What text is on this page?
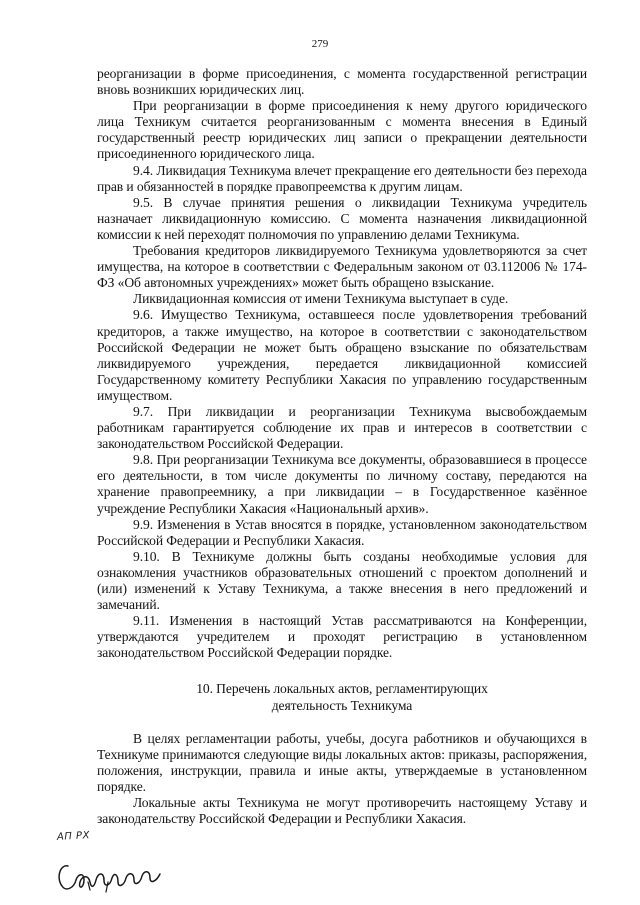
279

реорганизации в форме присоединения, с момента государственной регистрации вновь возникших юридических лиц.

При реорганизации в форме присоединения к нему другого юридического лица Техникум считается реорганизованным с момента внесения в Единый государственный реестр юридических лиц записи о прекращении деятельности присоединенного юридического лица.

9.4. Ликвидация Техникума влечет прекращение его деятельности без перехода прав и обязанностей в порядке правопреемства к другим лицам.

9.5. В случае принятия решения о ликвидации Техникума учредитель назначает ликвидационную комиссию. С момента назначения ликвидационной комиссии к ней переходят полномочия по управлению делами Техникума.

Требования кредиторов ликвидируемого Техникума удовлетворяются за счет имущества, на которое в соответствии с Федеральным законом от 03.112006 № 174-ФЗ «Об автономных учреждениях» может быть обращено взыскание.

Ликвидационная комиссия от имени Техникума выступает в суде.

9.6. Имущество Техникума, оставшееся после удовлетворения требований кредиторов, а также имущество, на которое в соответствии с законодательством Российской Федерации не может быть обращено взыскание по обязательствам ликвидируемого учреждения, передается ликвидационной комиссией Государственному комитету Республики Хакасия по управлению государственным имуществом.

9.7. При ликвидации и реорганизации Техникума высвобождаемым работникам гарантируется соблюдение их прав и интересов в соответствии с законодательством Российской Федерации.

9.8. При реорганизации Техникума все документы, образовавшиеся в процессе его деятельности, в том числе документы по личному составу, передаются на хранение правопреемнику, а при ликвидации – в Государственное казённое учреждение Республики Хакасия «Национальный архив».

9.9. Изменения в Устав вносятся в порядке, установленном законодательством Российской Федерации и Республики Хакасия.

9.10. В Техникуме должны быть созданы необходимые условия для ознакомления участников образовательных отношений с проектом дополнений и (или) изменений к Уставу Техникума, а также внесения в него предложений и замечаний.

9.11. Изменения в настоящий Устав рассматриваются на Конференции, утверждаются учредителем и проходят регистрацию в установленном законодательством Российской Федерации порядке.

10. Перечень локальных актов, регламентирующих
деятельность Техникума

В целях регламентации работы, учебы, досуга работников и обучающихся в Техникуме принимаются следующие виды локальных актов: приказы, распоряжения, положения, инструкции, правила и иные акты, утверждаемые в установленном порядке.

Локальные акты Техникума не могут противоречить настоящему Уставу и законодательству Российской Федерации и Республики Хакасия.

АП РХ
